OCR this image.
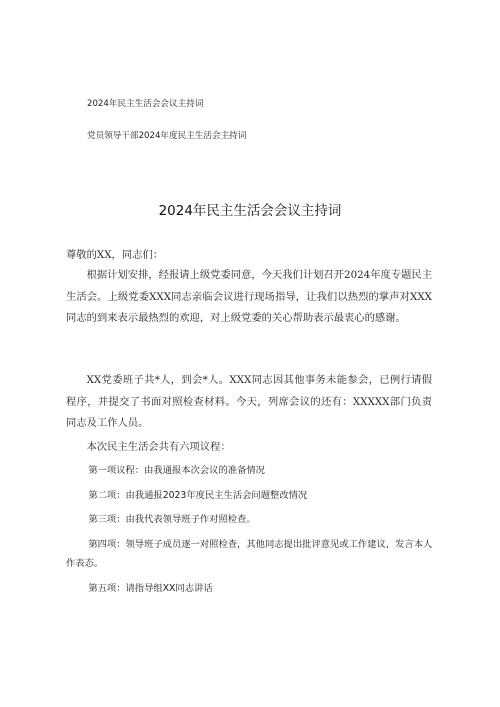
2024年民主生活会会议主持词
党员领导干部2024年度民主生活会主持词
2024年民主生活会会议主持词

尊敬的XX，同志们：

根据计划安排，经报请上级党委同意，今天我们计划召开2024年度专题民主生活会。上级党委XXX同志亲临会议进行现场指导，让我们以热烈的掌声对XXX同志的到来表示最热烈的欢迎，对上级党委的关心帮助表示最衷心的感谢。

XX党委班子共*人，到会*人。XXX同志因其他事务未能参会，已例行请假程序，并提交了书面对照检查材料。今天，列席会议的还有：XXXXX部门负责同志及工作人员。

本次民主生活会共有六项议程：

第一项议程：由我通报本次会议的准备情况

第二项：由我通报2023年度民主生活会问题整改情况

第三项：由我代表领导班子作对照检查。

第四项：领导班子成员逐一对照检查，其他同志提出批评意见或工作建议，发言本人作表态。

第五项：请指导组XX同志讲话
